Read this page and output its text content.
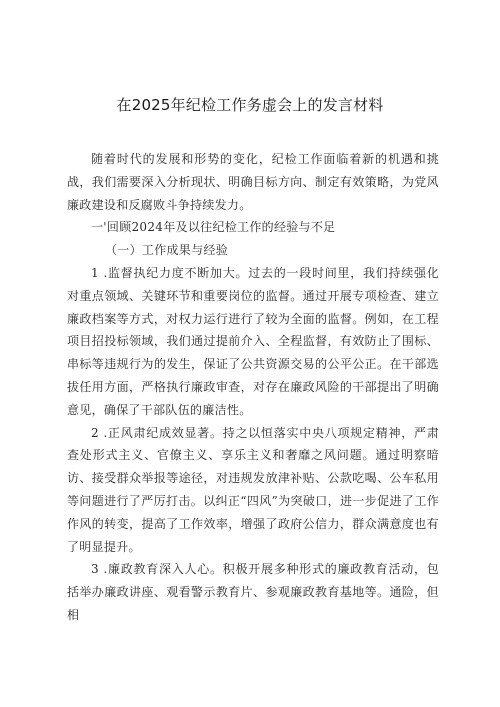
在2025年纪检工作务虚会上的发言材料

随着时代的发展和形势的变化，纪检工作面临着新的机遇和挑战，我们需要深入分析现状、明确目标方向、制定有效策略，为党风廉政建设和反腐败斗争持续发力。

一'回顾2024年及以往纪检工作的经验与不足

（一）工作成果与经验

1 .监督执纪力度不断加大。过去的一段时间里，我们持续强化对重点领域、关键环节和重要岗位的监督。通过开展专项检查、建立廉政档案等方式，对权力运行进行了较为全面的监督。例如，在工程项目招投标领域，我们通过提前介入、全程监督，有效防止了围标、串标等违规行为的发生，保证了公共资源交易的公平公正。在干部选拔任用方面，严格执行廉政审查，对存在廉政风险的干部提出了明确意见，确保了干部队伍的廉洁性。

2 .正风肃纪成效显著。持之以恒落实中央八项规定精神，严肃查处形式主义、官僚主义、享乐主义和奢靡之风问题。通过明察暗访、接受群众举报等途径，对违规发放津补贴、公款吃喝、公车私用等问题进行了严厉打击。以纠正“四风”为突破口，进一步促进了工作作风的转变，提高了工作效率，增强了政府公信力，群众满意度也有了明显提升。

3 .廉政教育深入人心。积极开展多种形式的廉政教育活动，包括举办廉政讲座、观看警示教育片、参观廉政教育基地等。通险，但相
